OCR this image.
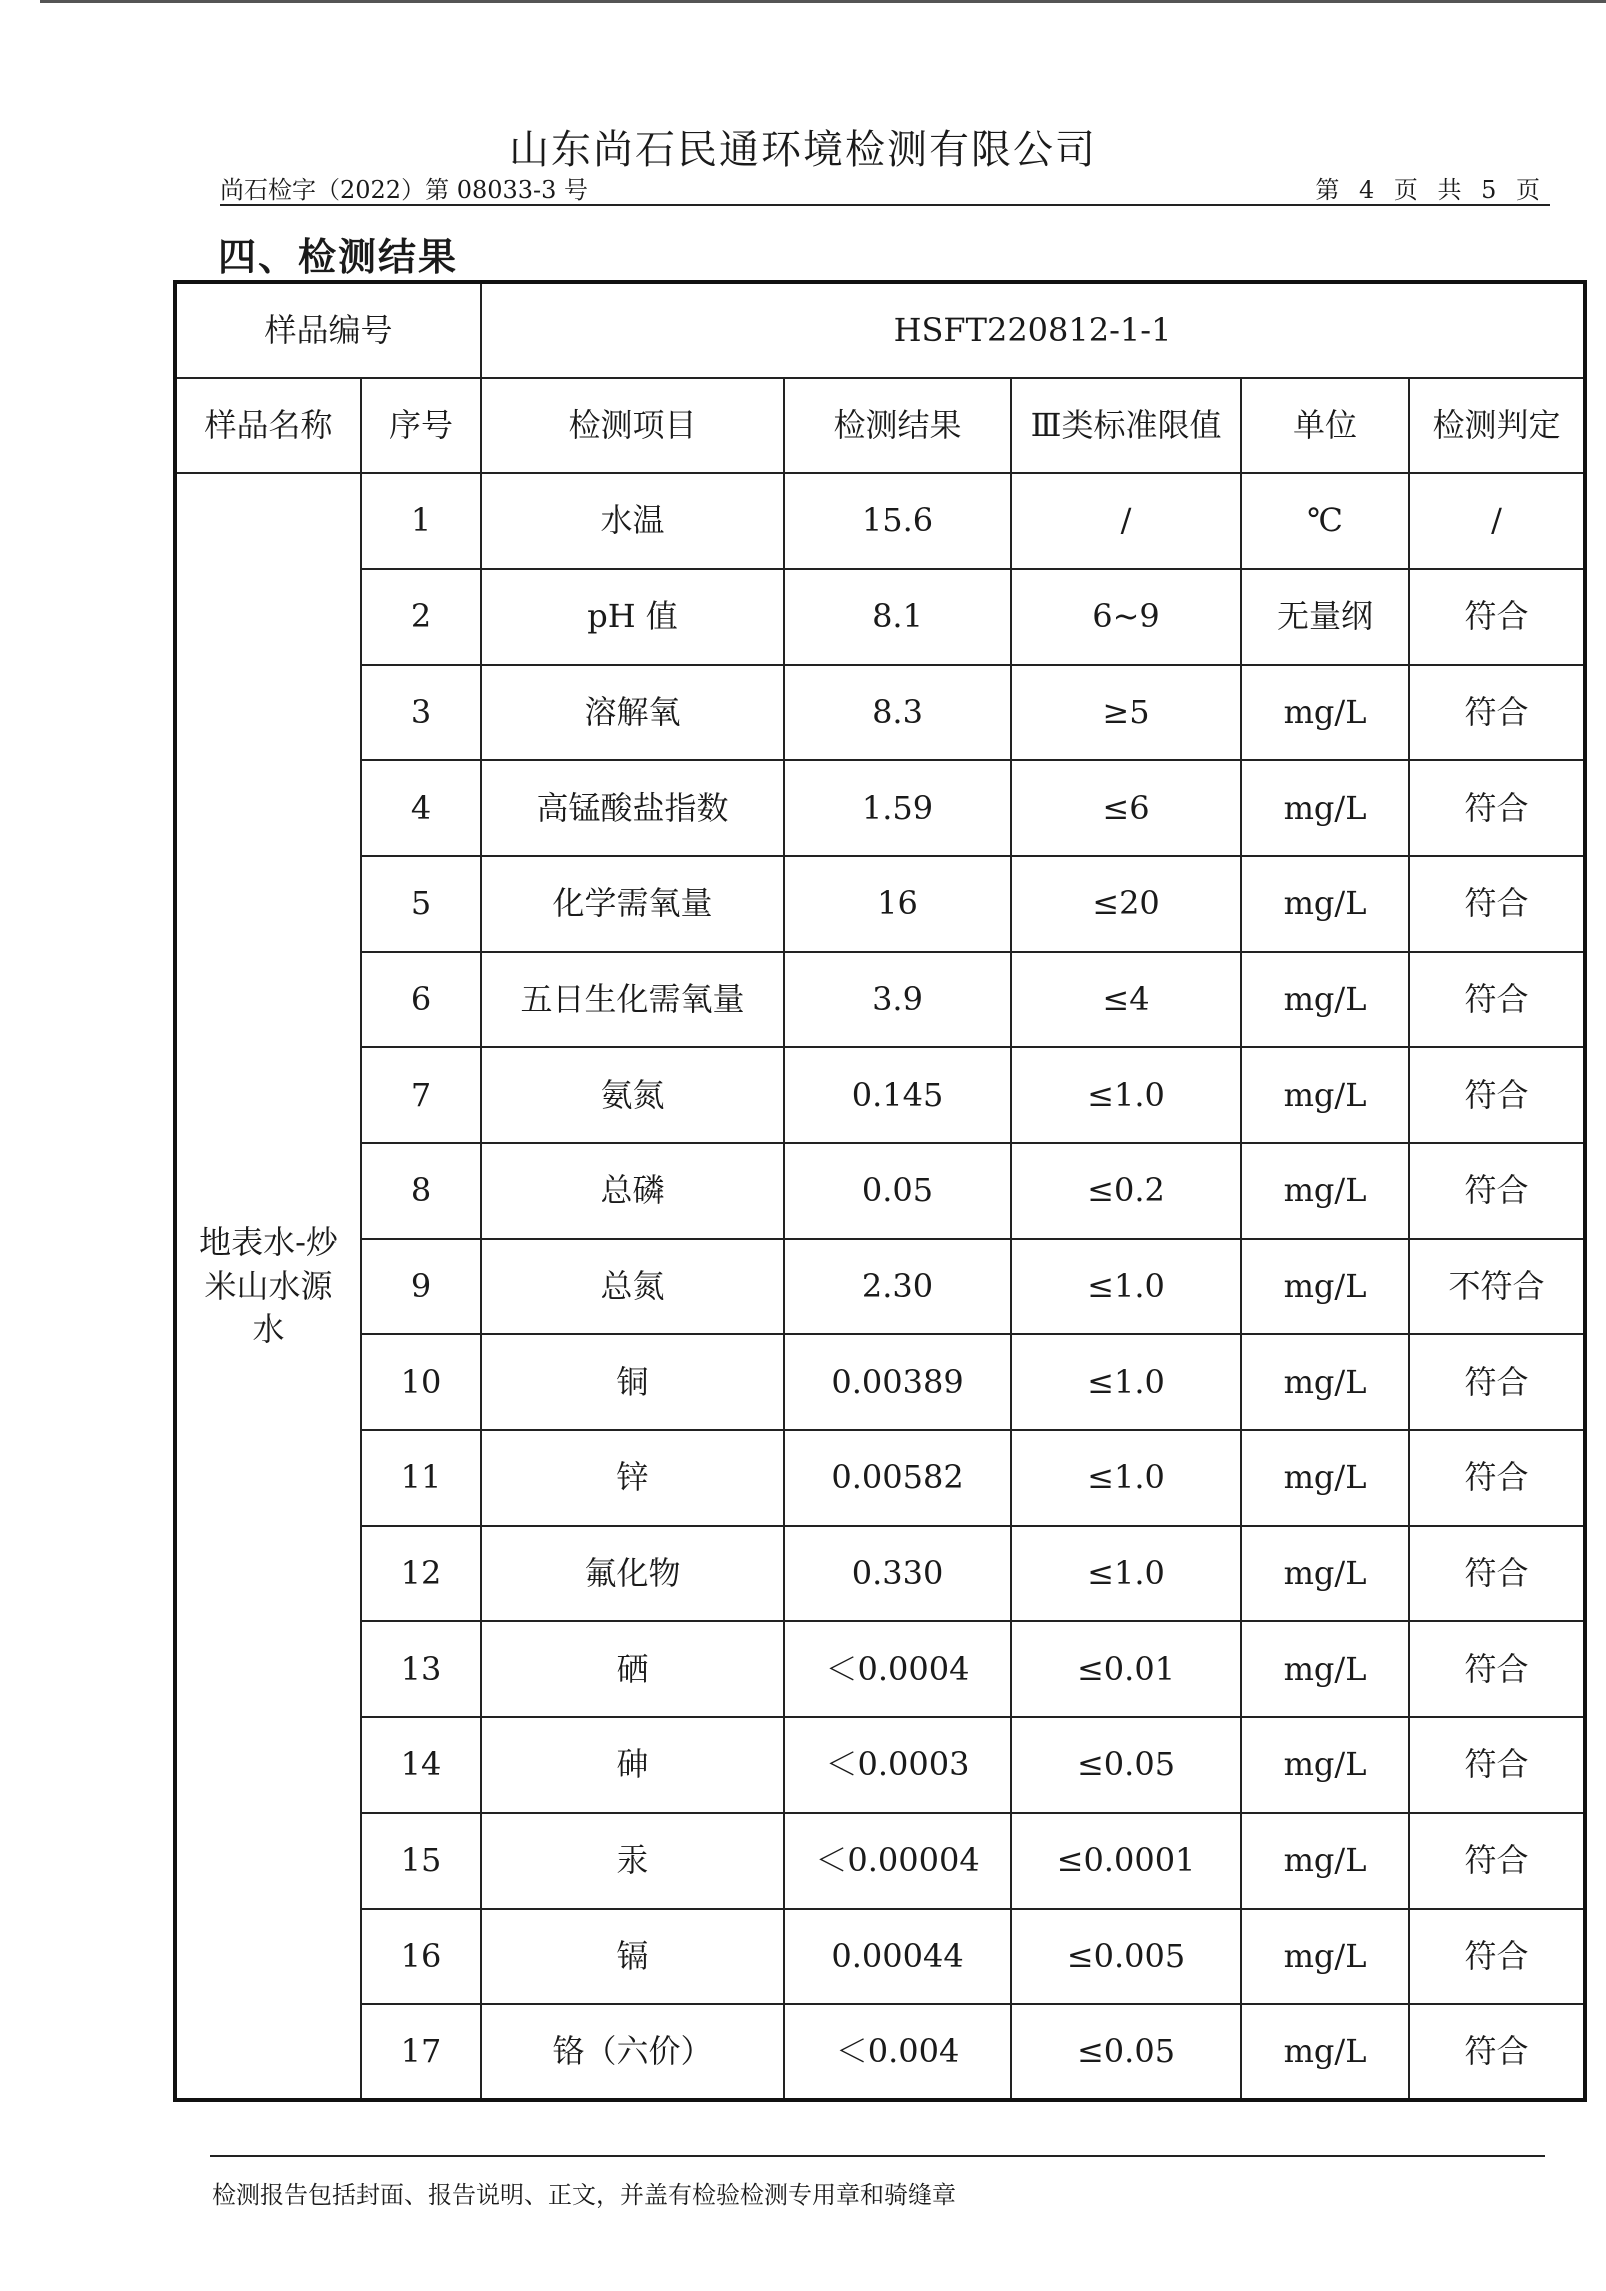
山东尚石民通环境检测有限公司
尚石检字（2022）第 08033-3 号	第 4 页 共 5 页
四、检测结果
样品编号		HSFT220812-1-1				
样品名称	序号	检测项目	检测结果	Ⅲ类标准限值	单位	检测判定
地表水-炒米山水源水	1	水温	15.6	/	℃	/
	2	pH 值	8.1	6~9	无量纲	符合
	3	溶解氧	8.3	≥5	mg/L	符合
	4	高锰酸盐指数	1.59	≤6	mg/L	符合
	5	化学需氧量	16	≤20	mg/L	符合
	6	五日生化需氧量	3.9	≤4	mg/L	符合
	7	氨氮	0.145	≤1.0	mg/L	符合
	8	总磷	0.05	≤0.2	mg/L	符合
	9	总氮	2.30	≤1.0	mg/L	不符合
	10	铜	0.00389	≤1.0	mg/L	符合
	11	锌	0.00582	≤1.0	mg/L	符合
	12	氟化物	0.330	≤1.0	mg/L	符合
	13	硒	＜0.0004	≤0.01	mg/L	符合
	14	砷	＜0.0003	≤0.05	mg/L	符合
	15	汞	＜0.00004	≤0.0001	mg/L	符合
	16	镉	0.00044	≤0.005	mg/L	符合
	17	铬（六价）	＜0.004	≤0.05	mg/L	符合
检测报告包括封面、报告说明、正文，并盖有检验检测专用章和骑缝章
